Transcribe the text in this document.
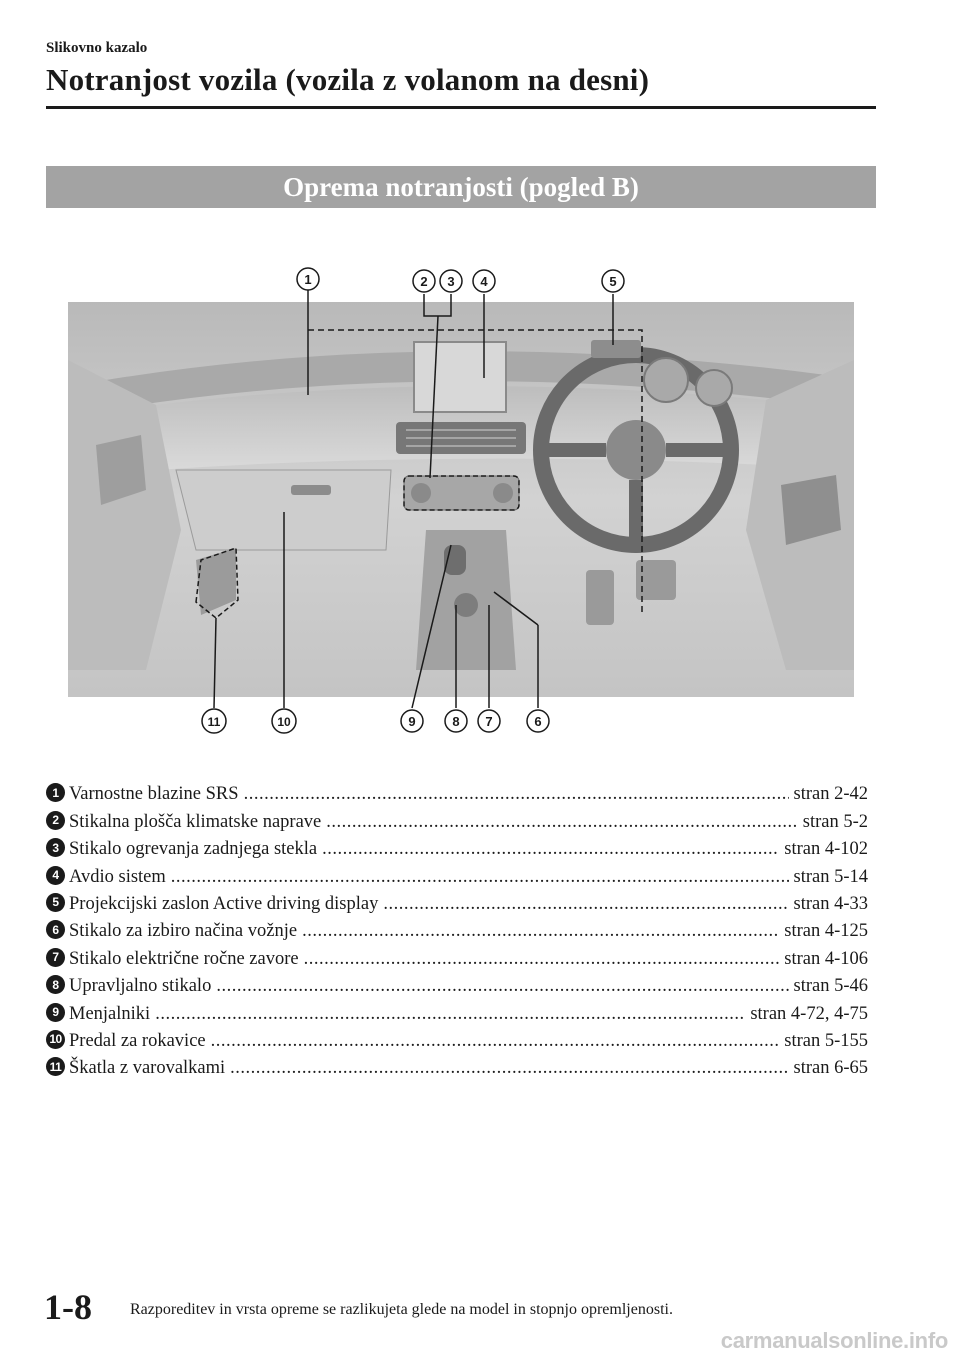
Slikovno kazalo
Notranjost vozila (vozila z volanom na desni)
Oprema notranjosti (pogled B)
1	2 3 4	5
11	10	9	8 7	6
1 Varnostne blazine SRS .....	stran 2-42
2 Stikalna plošča klimatske naprave .....	stran 5-2
3 Stikalo ogrevanja zadnjega stekla .....	stran 4-102
4 Avdio sistem .....	stran 5-14
5 Projekcijski zaslon Active driving display .....	stran 4-33
6 Stikalo za izbiro načina vožnje .....	stran 4-125
7 Stikalo električne ročne zavore .....	stran 4-106
8 Upravljalno stikalo .....	stran 5-46
9 Menjalniki .....	stran 4-72, 4-75
10 Predal za rokavice .....	stran 5-155
11 Škatla z varovalkami .....	stran 6-65
1-8 Razporeditev in vrsta opreme se razlikujeta glede na model in stopnjo opremljenosti.
carmanualsonline.info
